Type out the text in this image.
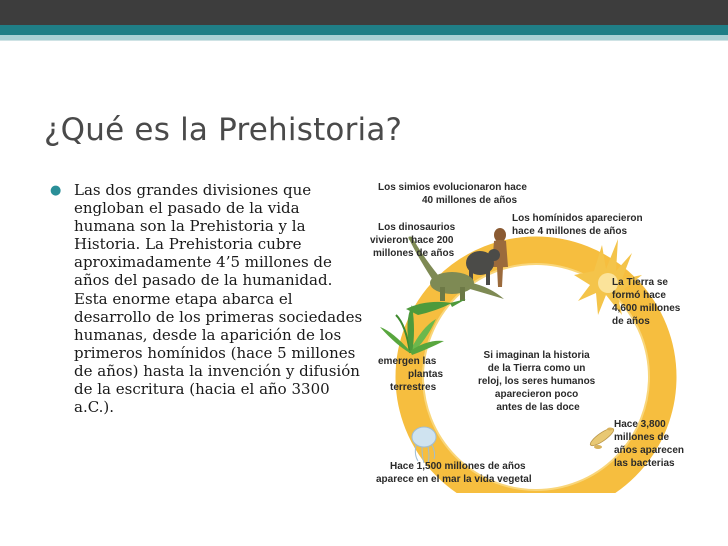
¿Qué es la Prehistoria?
● Las dos grandes divisiones que engloban el pasado de la vida humana son la Prehistoria y la Historia. La Prehistoria cubre aproximadamente 4’5 millones de años del pasado de la humanidad. Esta enorme etapa abarca el desarrollo de los primeras sociedades humanas, desde la aparición de los primeros homínidos (hace 5 millones de años) hasta la invención y difusión de la escritura (hacia el año 3300 a.C.).

Los simios evolucionaron hace 40 millones de años
Los homínidos aparecieron hace 4 millones de años
Los dinosaurios vivieron hace 200 millones de años
La Tierra se formó hace 4,600 millones de años
emergen las plantas terrestres
Si imaginan la historia de la Tierra como un reloj, los seres humanos aparecieron poco antes de las doce
Hace 3,800 millones de años aparecen las bacterias
Hace 1,500 millones de años aparece en el mar la vida vegetal
